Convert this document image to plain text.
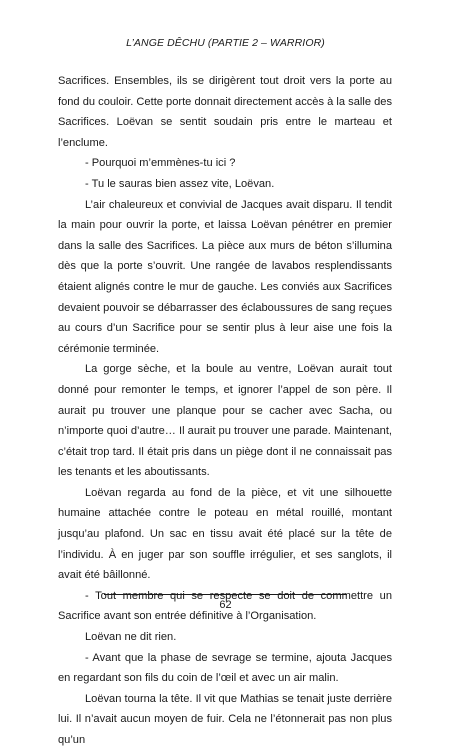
L’ANGE DÊCHU (PARTIE 2 – WARRIOR)

Sacrifices. Ensembles, ils se dirigèrent tout droit vers la porte au fond du couloir. Cette porte donnait directement accès à la salle des Sacrifices. Loëvan se sentit soudain pris entre le marteau et l’enclume.

- Pourquoi m’emmènes-tu ici ?

- Tu le sauras bien assez vite, Loëvan.

L’air chaleureux et convivial de Jacques avait disparu. Il tendit la main pour ouvrir la porte, et laissa Loëvan pénétrer en premier dans la salle des Sacrifices. La pièce aux murs de béton s’illumina dès que la porte s’ouvrit. Une rangée de lavabos resplendissants étaient alignés contre le mur de gauche. Les conviés aux Sacrifices devaient pouvoir se débarrasser des éclaboussures de sang reçues au cours d’un Sacrifice pour se sentir plus à leur aise une fois la cérémonie terminée.

La gorge sèche, et la boule au ventre, Loëvan aurait tout donné pour remonter le temps, et ignorer l’appel de son père. Il aurait pu trouver une planque pour se cacher avec Sacha, ou n’importe quoi d’autre… Il aurait pu trouver une parade. Maintenant, c’était trop tard. Il était pris dans un piège dont il ne connaissait pas les tenants et les aboutissants.

Loëvan regarda au fond de la pièce, et vit une silhouette humaine attachée contre le poteau en métal rouillé, montant jusqu’au plafond. Un sac en tissu avait été placé sur la tête de l’individu. À en juger par son souffle irrégulier, et ses sanglots, il avait été bâillonné.

- Tout membre qui se respecte se doit de commettre un Sacrifice avant son entrée définitive à l’Organisation.

Loëvan ne dit rien.

- Avant que la phase de sevrage se termine, ajouta Jacques en regardant son fils du coin de l’œil et avec un air malin.

Loëvan tourna la tête. Il vit que Mathias se tenait juste derrière lui. Il n’avait aucun moyen de fuir. Cela ne l’étonnerait pas non plus qu’un

62
